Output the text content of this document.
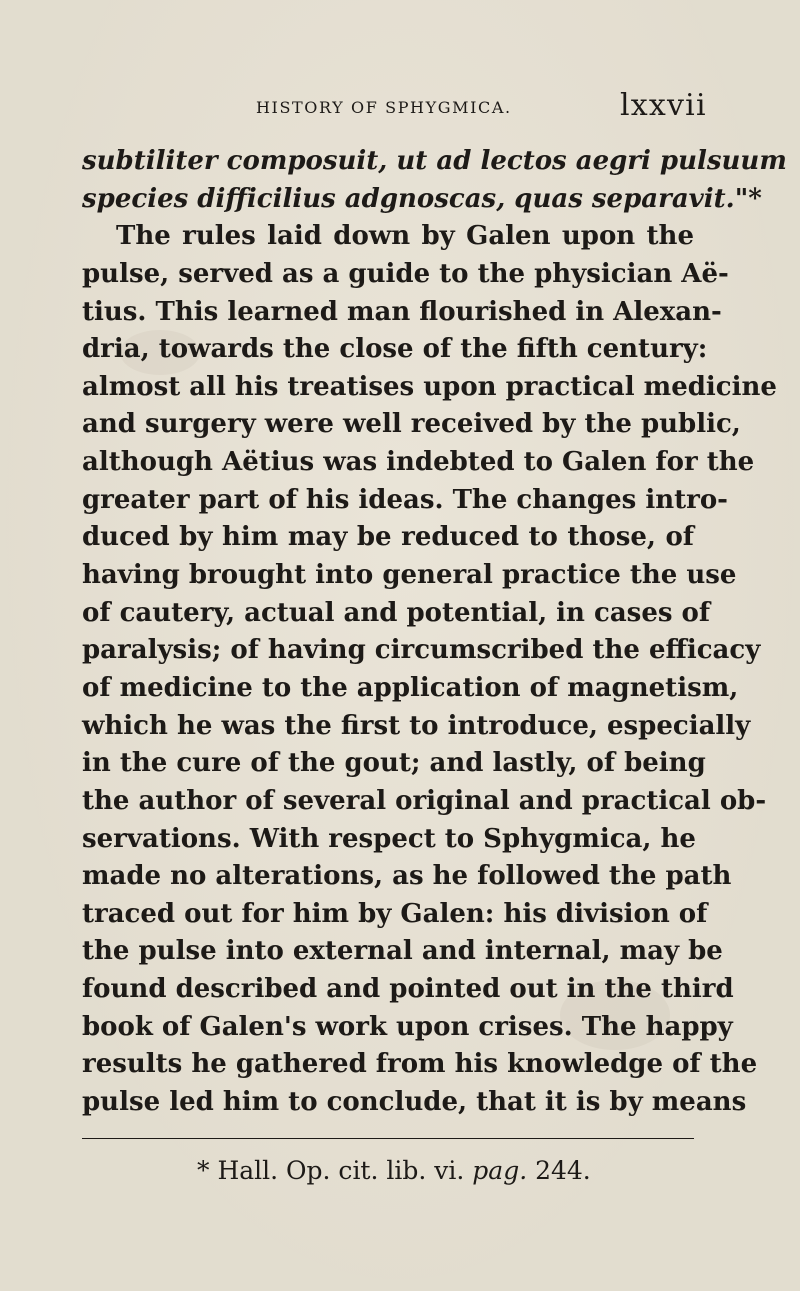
HISTORY OF SPHYGMICA.	lxxvii
subtiliter composuit, ut ad lectos aegri pulsuum
species difficilius adgnoscas, quas separavit."*
The rules laid down by Galen upon the
pulse, served as a guide to the physician Aë-
tius. This learned man flourished in Alexan-
dria, towards the close of the fifth century:
almost all his treatises upon practical medicine
and surgery were well received by the public,
although Aëtius was indebted to Galen for the
greater part of his ideas. The changes intro-
duced by him may be reduced to those, of
having brought into general practice the use
of cautery, actual and potential, in cases of
paralysis; of having circumscribed the efficacy
of medicine to the application of magnetism,
which he was the first to introduce, especially
in the cure of the gout; and lastly, of being
the author of several original and practical ob-
servations. With respect to Sphygmica, he
made no alterations, as he followed the path
traced out for him by Galen: his division of
the pulse into external and internal, may be
found described and pointed out in the third
book of Galen's work upon crises. The happy
results he gathered from his knowledge of the
pulse led him to conclude, that it is by means
* Hall. Op. cit. lib. vi. pag. 244.
